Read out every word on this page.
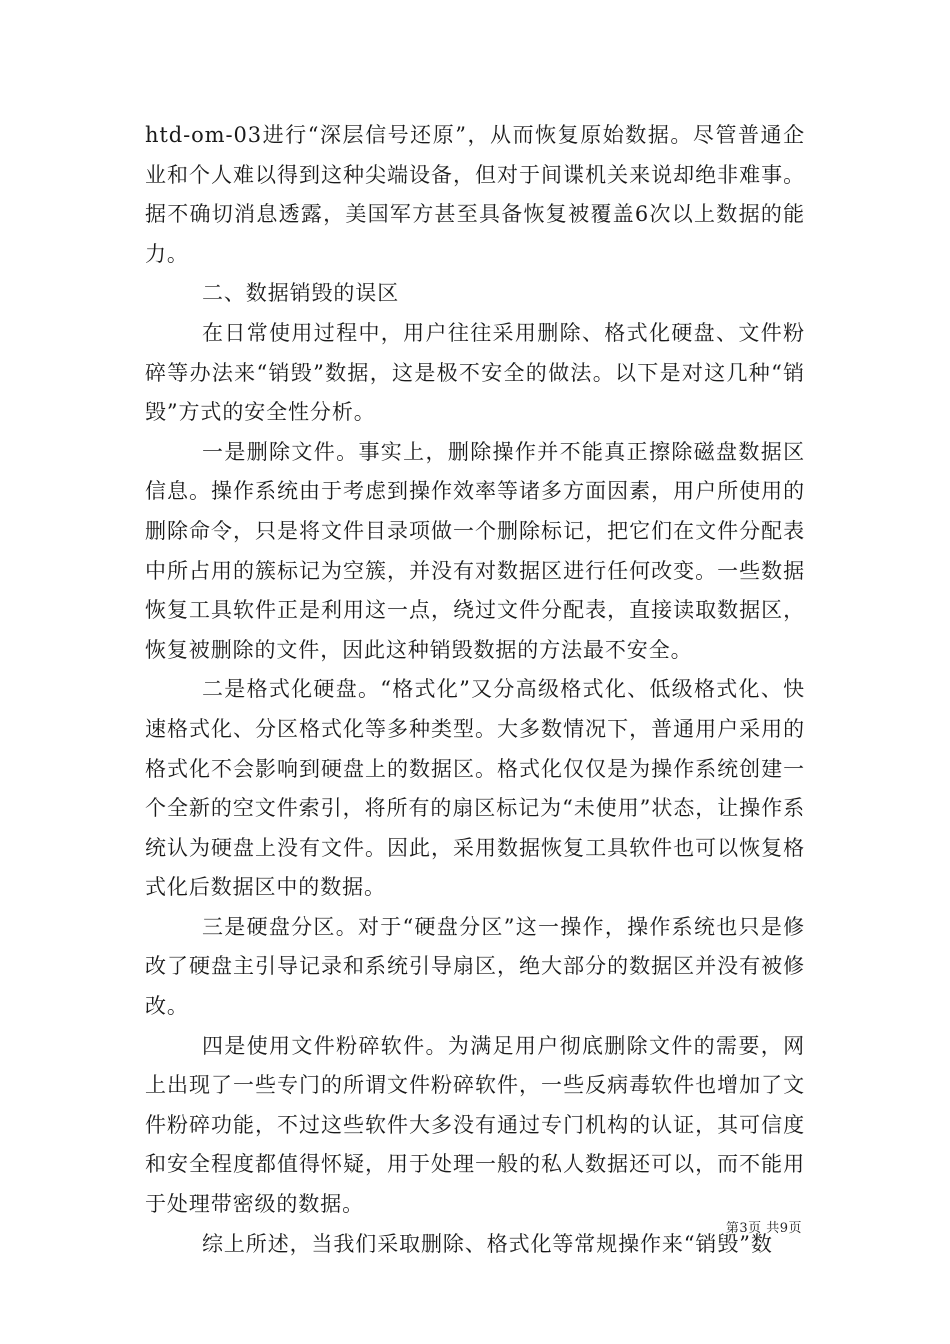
htd-om-03进行“深层信号还原”，从而恢复原始数据。尽管普通企业和个人难以得到这种尖端设备，但对于间谍机关来说却绝非难事。据不确切消息透露，美国军方甚至具备恢复被覆盖6次以上数据的能力。

二、数据销毁的误区

在日常使用过程中，用户往往采用删除、格式化硬盘、文件粉碎等办法来“销毁”数据，这是极不安全的做法。以下是对这几种“销毁”方式的安全性分析。

一是删除文件。事实上，删除操作并不能真正擦除磁盘数据区信息。操作系统由于考虑到操作效率等诸多方面因素，用户所使用的删除命令，只是将文件目录项做一个删除标记，把它们在文件分配表中所占用的簇标记为空簇，并没有对数据区进行任何改变。一些数据恢复工具软件正是利用这一点，绕过文件分配表，直接读取数据区，恢复被删除的文件，因此这种销毁数据的方法最不安全。

二是格式化硬盘。“格式化”又分高级格式化、低级格式化、快速格式化、分区格式化等多种类型。大多数情况下，普通用户采用的格式化不会影响到硬盘上的数据区。格式化仅仅是为操作系统创建一个全新的空文件索引，将所有的扇区标记为“未使用”状态，让操作系统认为硬盘上没有文件。因此，采用数据恢复工具软件也可以恢复格式化后数据区中的数据。

三是硬盘分区。对于“硬盘分区”这一操作，操作系统也只是修改了硬盘主引导记录和系统引导扇区，绝大部分的数据区并没有被修改。

四是使用文件粉碎软件。为满足用户彻底删除文件的需要，网上出现了一些专门的所谓文件粉碎软件，一些反病毒软件也增加了文件粉碎功能，不过这些软件大多没有通过专门机构的认证，其可信度和安全程度都值得怀疑，用于处理一般的私人数据还可以，而不能用于处理带密级的数据。

综上所述，当我们采取删除、格式化等常规操作来“销毁”数

第3页 共9页
